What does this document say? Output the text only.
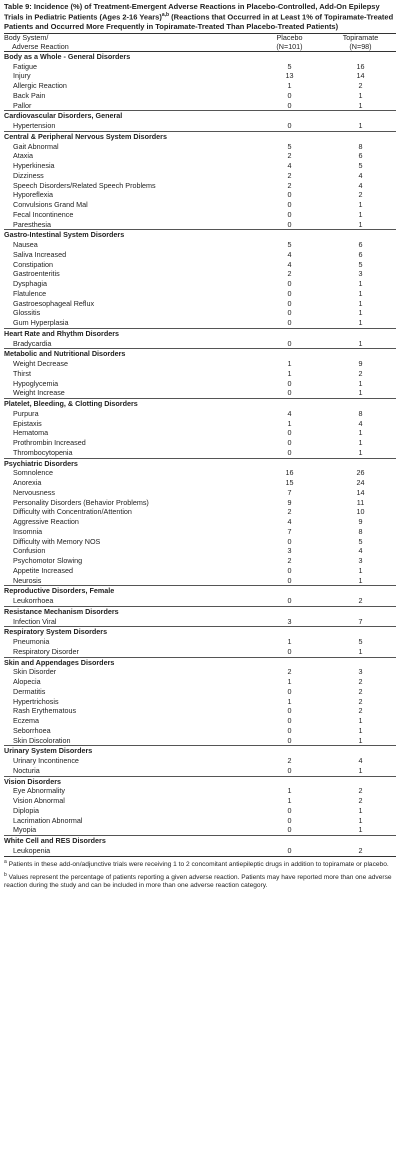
Table 9: Incidence (%) of Treatment-Emergent Adverse Reactions in Placebo-Controlled, Add-On Epilepsy Trials in Pediatric Patients (Ages 2-16 Years)$^{a,b}$ (Reactions that Occurred in at Least 1% of Topiramate-Treated Patients and Occurred More Frequently in Topiramate-Treated Than Placebo-Treated Patients)
Body System/	Placebo	Topiramate
Adverse Reaction	(N=101)	(N=98)
Body as a Whole - General Disorders		
Fatigue	5	16
Injury	13	14
Allergic Reaction	1	2
Back Pain	0	1
Pallor	0	1
Cardiovascular Disorders, General		
Hypertension	0	1
Central & Peripheral Nervous System Disorders		
Gait Abnormal	5	8
Ataxia	2	6
Hyperkinesia	4	5
Dizziness	2	4
Speech Disorders/Related Speech Problems	2	4
Hyporeflexia	0	2
Convulsions Grand Mal	0	1
Fecal Incontinence	0	1
Paresthesia	0	1
Gastro-Intestinal System Disorders		
Nausea	5	6
Saliva Increased	4	6
Constipation	4	5
Gastroenteritis	2	3
Dysphagia	0	1
Flatulence	0	1
Gastroesophageal Reflux	0	1
Glossitis	0	1
Gum Hyperplasia	0	1
Heart Rate and Rhythm Disorders		
Bradycardia	0	1
Metabolic and Nutritional Disorders		
Weight Decrease	1	9
Thirst	1	2
Hypoglycemia	0	1
Weight Increase	0	1
Platelet, Bleeding, & Clotting Disorders		
Purpura	4	8
Epistaxis	1	4
Hematoma	0	1
Prothrombin Increased	0	1
Thrombocytopenia	0	1
Psychiatric Disorders		
Somnolence	16	26
Anorexia	15	24
Nervousness	7	14
Personality Disorders (Behavior Problems)	9	11
Difficulty with Concentration/Attention	2	10
Aggressive Reaction	4	9
Insomnia	7	8
Difficulty with Memory NOS	0	5
Confusion	3	4
Psychomotor Slowing	2	3
Appetite Increased	0	1
Neurosis	0	1
Reproductive Disorders, Female		
Leukorrhoea	0	2
Resistance Mechanism Disorders		
Infection Viral	3	7
Respiratory System Disorders		
Pneumonia	1	5
Respiratory Disorder	0	1
Skin and Appendages Disorders		
Skin Disorder	2	3
Alopecia	1	2
Dermatitis	0	2
Hypertrichosis	1	2
Rash Erythematous	0	2
Eczema	0	1
Seborrhoea	0	1
Skin Discoloration	0	1
Urinary System Disorders		
Urinary Incontinence	2	4
Nocturia	0	1
Vision Disorders		
Eye Abnormality	1	2
Vision Abnormal	1	2
Diplopia	0	1
Lacrimation Abnormal	0	1
Myopia	0	1
White Cell and RES Disorders		
Leukopenia	0	2

$^a$ Patients in these add-on/adjunctive trials were receiving 1 to 2 concomitant antiepileptic drugs in addition to topiramate or placebo.

$^b$ Values represent the percentage of patients reporting a given adverse reaction. Patients may have reported more than one adverse reaction during the study and can be included in more than one adverse reaction category.
